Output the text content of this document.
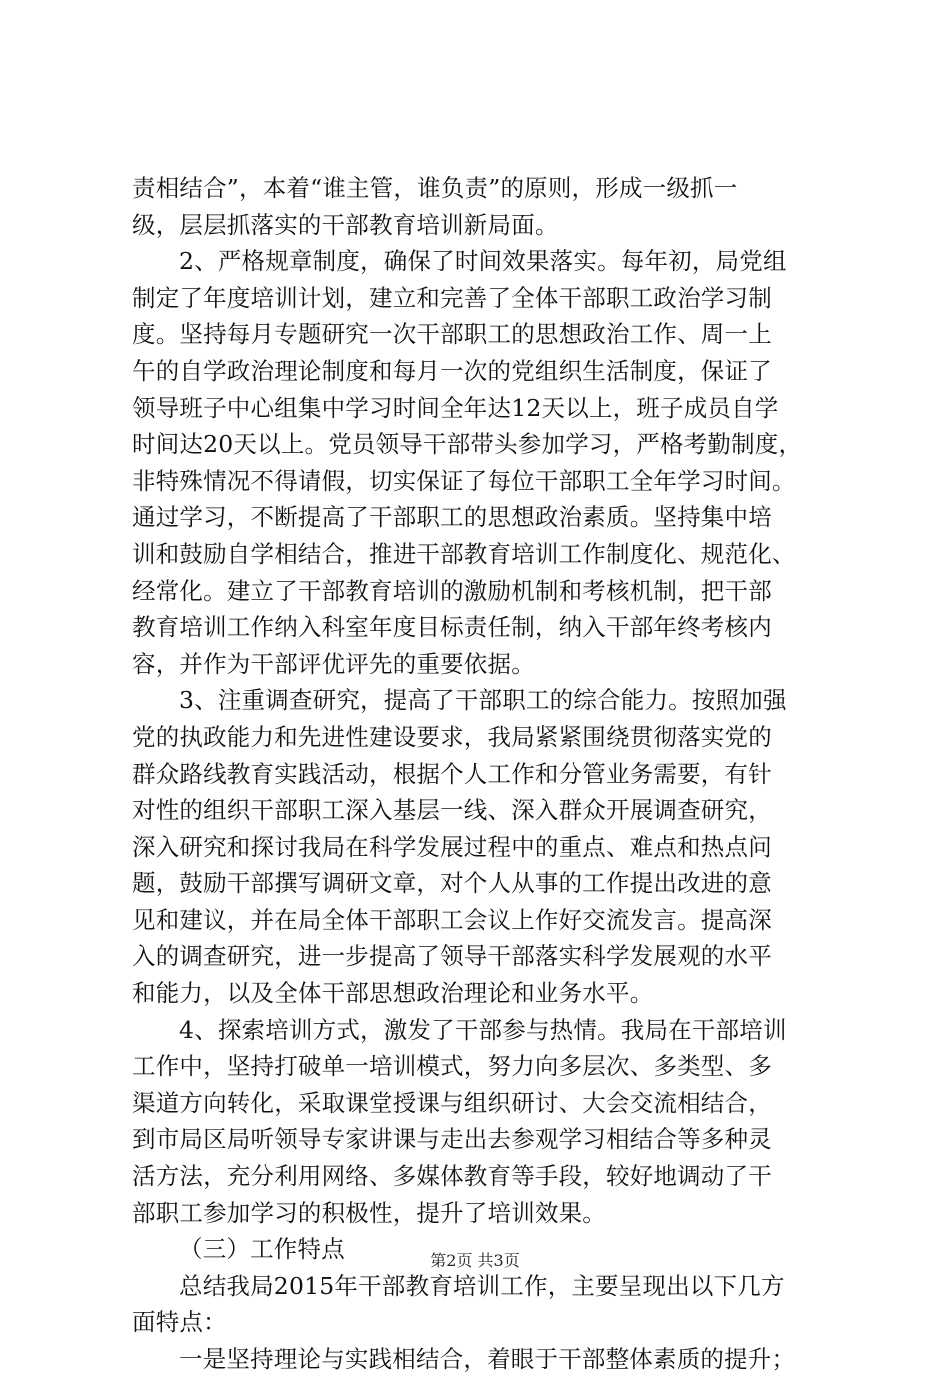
责相结合”，本着“谁主管，谁负责”的原则，形成一级抓一
级，层层抓落实的干部教育培训新局面。
2、严格规章制度，确保了时间效果落实。每年初，局党组
制定了年度培训计划，建立和完善了全体干部职工政治学习制
度。坚持每月专题研究一次干部职工的思想政治工作、周一上
午的自学政治理论制度和每月一次的党组织生活制度，保证了
领导班子中心组集中学习时间全年达12天以上，班子成员自学
时间达20天以上。党员领导干部带头参加学习，严格考勤制度，
非特殊情况不得请假，切实保证了每位干部职工全年学习时间。
通过学习，不断提高了干部职工的思想政治素质。坚持集中培
训和鼓励自学相结合，推进干部教育培训工作制度化、规范化、
经常化。建立了干部教育培训的激励机制和考核机制，把干部
教育培训工作纳入科室年度目标责任制，纳入干部年终考核内
容，并作为干部评优评先的重要依据。
3、注重调查研究，提高了干部职工的综合能力。按照加强
党的执政能力和先进性建设要求，我局紧紧围绕贯彻落实党的
群众路线教育实践活动，根据个人工作和分管业务需要，有针
对性的组织干部职工深入基层一线、深入群众开展调查研究，
深入研究和探讨我局在科学发展过程中的重点、难点和热点问
题，鼓励干部撰写调研文章，对个人从事的工作提出改进的意
见和建议，并在局全体干部职工会议上作好交流发言。提高深
入的调查研究，进一步提高了领导干部落实科学发展观的水平
和能力，以及全体干部思想政治理论和业务水平。
4、探索培训方式，激发了干部参与热情。我局在干部培训
工作中，坚持打破单一培训模式，努力向多层次、多类型、多
渠道方向转化，采取课堂授课与组织研讨、大会交流相结合，
到市局区局听领导专家讲课与走出去参观学习相结合等多种灵
活方法，充分利用网络、多媒体教育等手段，较好地调动了干
部职工参加学习的积极性，提升了培训效果。
（三）工作特点
总结我局2015年干部教育培训工作，主要呈现出以下几方
面特点：
一是坚持理论与实践相结合，着眼于干部整体素质的提升；
第2页 共3页
